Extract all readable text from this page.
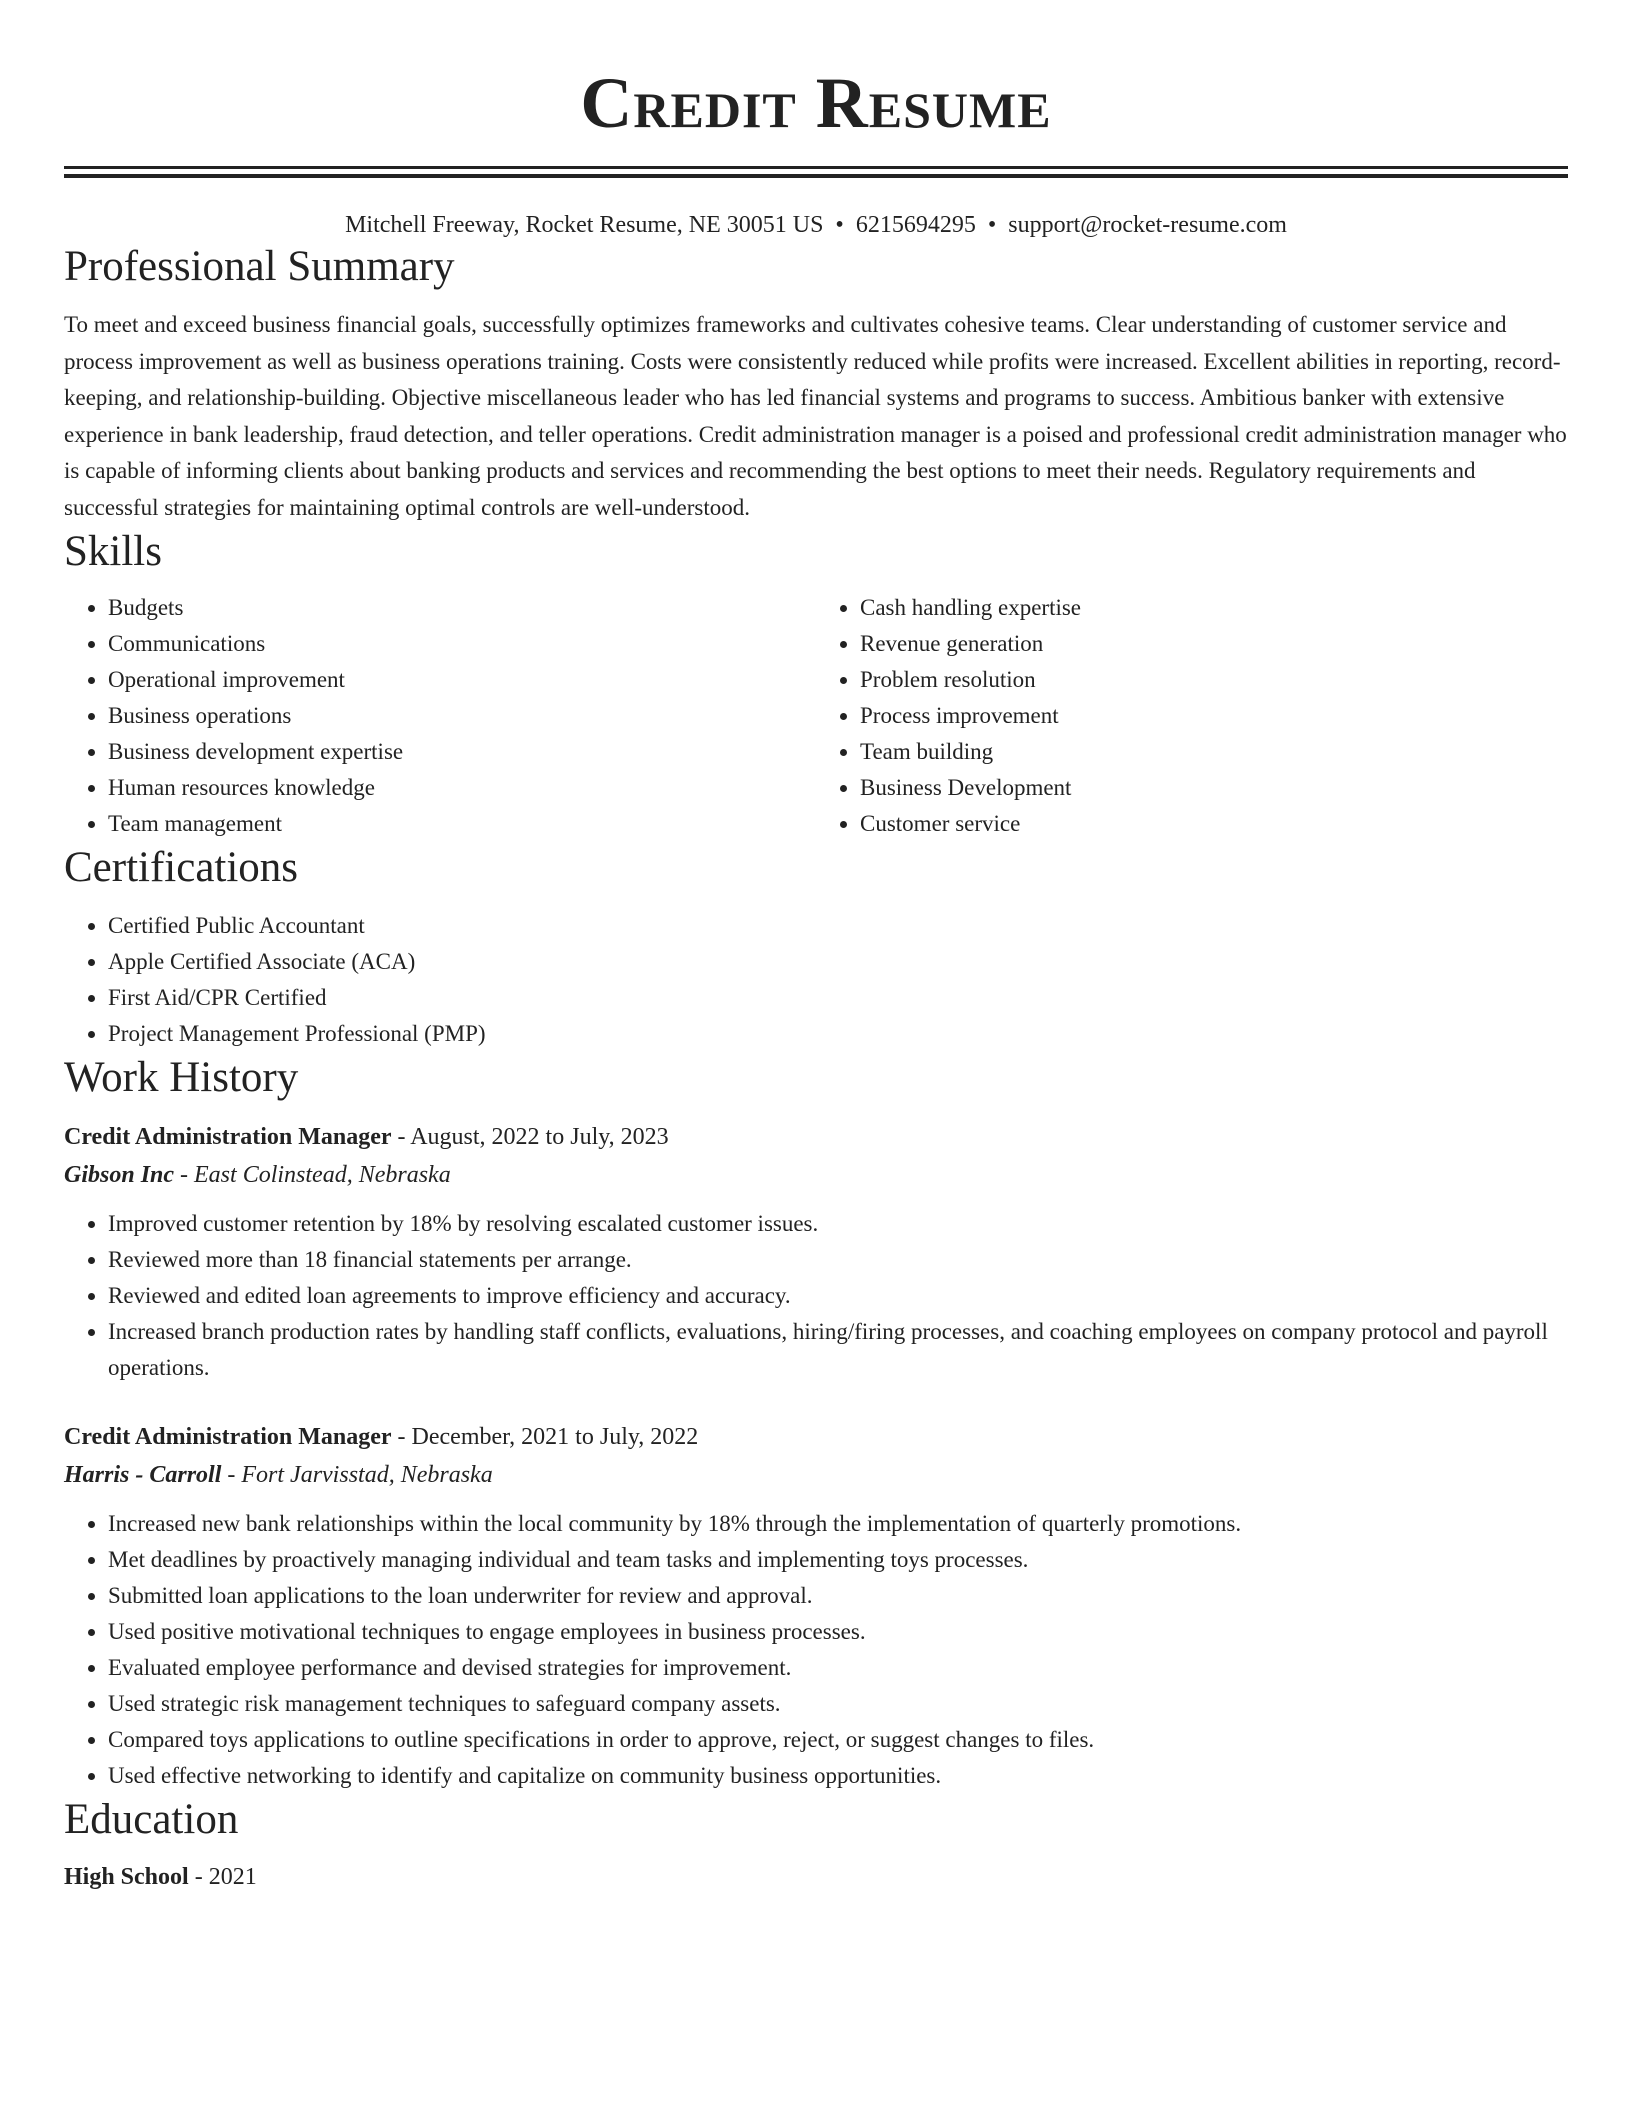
Credit Resume
Mitchell Freeway, Rocket Resume, NE 30051 US • 6215694295 • support@rocket-resume.com
Professional Summary

To meet and exceed business financial goals, successfully optimizes frameworks and cultivates cohesive teams. Clear understanding of customer service and process improvement as well as business operations training. Costs were consistently reduced while profits were increased. Excellent abilities in reporting, record-keeping, and relationship-building. Objective miscellaneous leader who has led financial systems and programs to success. Ambitious banker with extensive experience in bank leadership, fraud detection, and teller operations. Credit administration manager is a poised and professional credit administration manager who is capable of informing clients about banking products and services and recommending the best options to meet their needs. Regulatory requirements and successful strategies for maintaining optimal controls are well-understood.

Skills
• Budgets
• Communications
• Operational improvement
• Business operations
• Business development expertise
• Human resources knowledge
• Team management
• Cash handling expertise
• Revenue generation
• Problem resolution
• Process improvement
• Team building
• Business Development
• Customer service
Certifications
• Certified Public Accountant
• Apple Certified Associate (ACA)
• First Aid/CPR Certified
• Project Management Professional (PMP)
Work History
Credit Administration Manager - August, 2022 to July, 2023
Gibson Inc - East Colinstead, Nebraska
• Improved customer retention by 18% by resolving escalated customer issues.
• Reviewed more than 18 financial statements per arrange.
• Reviewed and edited loan agreements to improve efficiency and accuracy.
• Increased branch production rates by handling staff conflicts, evaluations, hiring/firing processes, and coaching employees on company protocol and payroll operations.
Credit Administration Manager - December, 2021 to July, 2022
Harris - Carroll - Fort Jarvisstad, Nebraska
• Increased new bank relationships within the local community by 18% through the implementation of quarterly promotions.
• Met deadlines by proactively managing individual and team tasks and implementing toys processes.
• Submitted loan applications to the loan underwriter for review and approval.
• Used positive motivational techniques to engage employees in business processes.
• Evaluated employee performance and devised strategies for improvement.
• Used strategic risk management techniques to safeguard company assets.
• Compared toys applications to outline specifications in order to approve, reject, or suggest changes to files.
• Used effective networking to identify and capitalize on community business opportunities.
Education
High School - 2021
